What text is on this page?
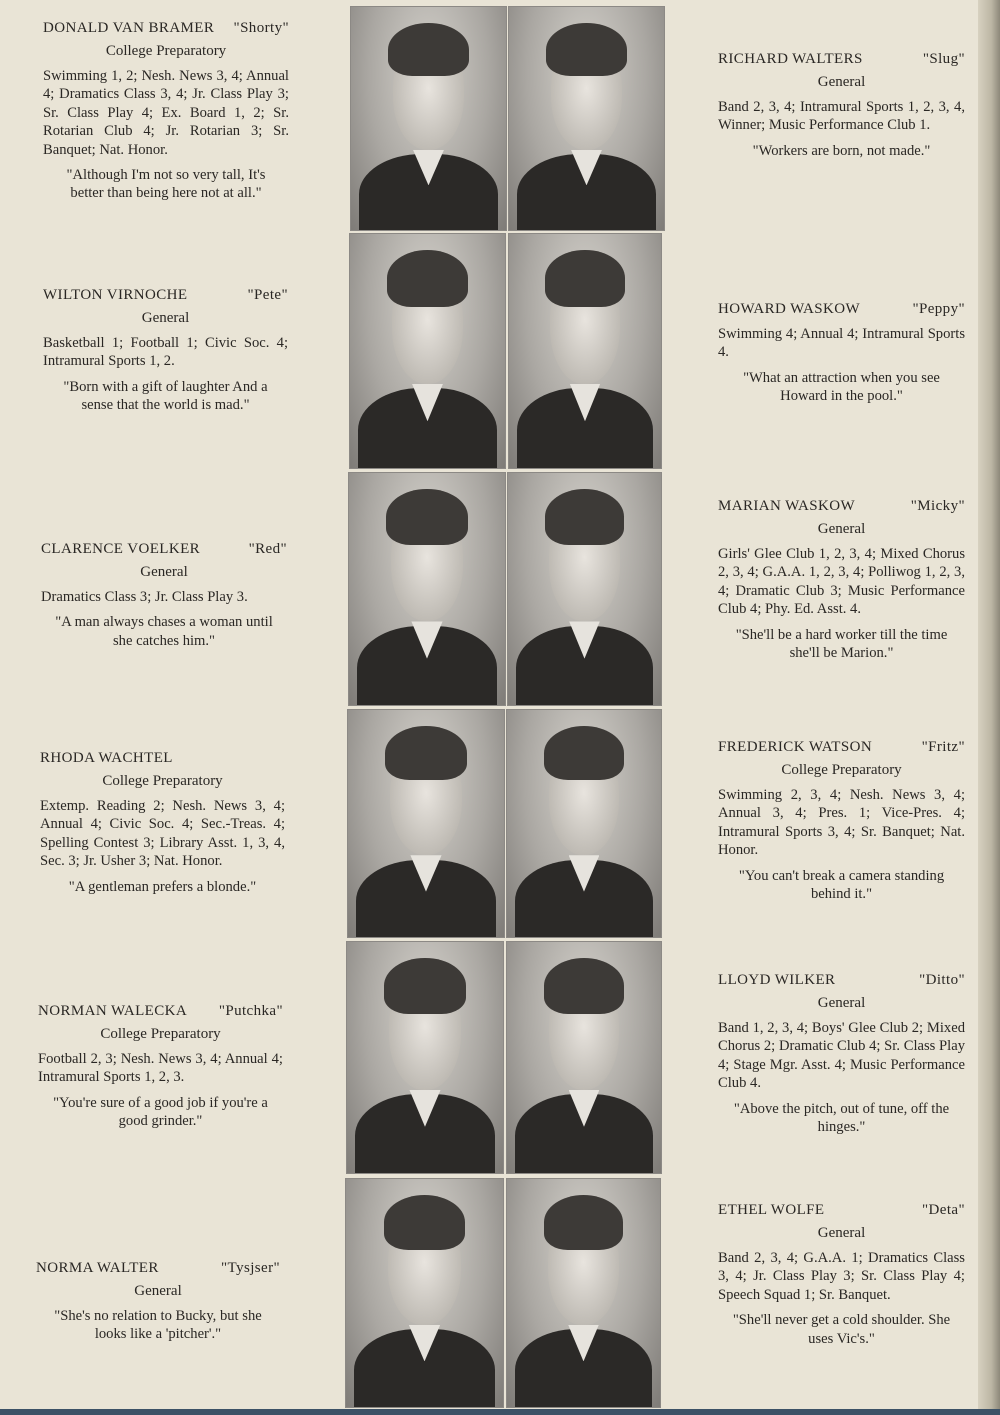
DONALD VAN BRAMER "Shorty"
College Preparatory
Swimming 1, 2; Nesh. News 3, 4; Annual 4; Dramatics Class 3, 4; Jr. Class Play 3; Sr. Class Play 4; Ex. Board 1, 2; Sr. Rotarian Club 4; Jr. Rotarian 3; Sr. Banquet; Nat. Honor.
"Although I'm not so very tall, It's better than being here not at all."
WILTON VIRNOCHE	"Pete"
General
Basketball 1; Football 1; Civic Soc. 4; Intramural Sports 1, 2.
"Born with a gift of laughter And a sense that the world is mad."
CLARENCE VOELKER	"Red"
General
Dramatics Class 3; Jr. Class Play 3.
"A man always chases a woman until she catches him."
RHODA WACHTEL
College Preparatory
Extemp. Reading 2; Nesh. News 3, 4; Annual 4; Civic Soc. 4; Sec.-Treas. 4; Spelling Contest 3; Library Asst. 1, 3, 4, Sec. 3; Jr. Usher 3; Nat. Honor.
"A gentleman prefers a blonde."
NORMAN WALECKA "Putchka"
College Preparatory
Football 2, 3; Nesh. News 3, 4; Annual 4; Intramural Sports 1, 2, 3.
"You're sure of a good job if you're a good grinder."
NORMA WALTER	"Tysjser"
General
"She's no relation to Bucky, but she looks like a 'pitcher'."
RICHARD WALTERS	"Slug"
General
Band 2, 3, 4; Intramural Sports 1, 2, 3, 4, Winner; Music Performance Club 1.
"Workers are born, not made."
HOWARD WASKOW	"Peppy"
Swimming 4; Annual 4; Intramural Sports 4.
"What an attraction when you see Howard in the pool."
MARIAN WASKOW	"Micky"
General
Girls' Glee Club 1, 2, 3, 4; Mixed Chorus 2, 3, 4; G.A.A. 1, 2, 3, 4; Polliwog 1, 2, 3, 4; Dramatic Club 3; Music Performance Club 4; Phy. Ed. Asst. 4.
"She'll be a hard worker till the time she'll be Marion."
FREDERICK WATSON	"Fritz"
College Preparatory
Swimming 2, 3, 4; Nesh. News 3, 4; Annual 3, 4; Pres. 1; Vice-Pres. 4; Intramural Sports 3, 4; Sr. Banquet; Nat. Honor.
"You can't break a camera standing behind it."
LLOYD WILKER	"Ditto"
General
Band 1, 2, 3, 4; Boys' Glee Club 2; Mixed Chorus 2; Dramatic Club 4; Sr. Class Play 4; Stage Mgr. Asst. 4; Music Performance Club 4.
"Above the pitch, out of tune, off the hinges."
ETHEL WOLFE	"Deta"
General
Band 2, 3, 4; G.A.A. 1; Dramatics Class 3, 4; Jr. Class Play 3; Sr. Class Play 4; Speech Squad 1; Sr. Banquet.
"She'll never get a cold shoulder. She uses Vic's."
